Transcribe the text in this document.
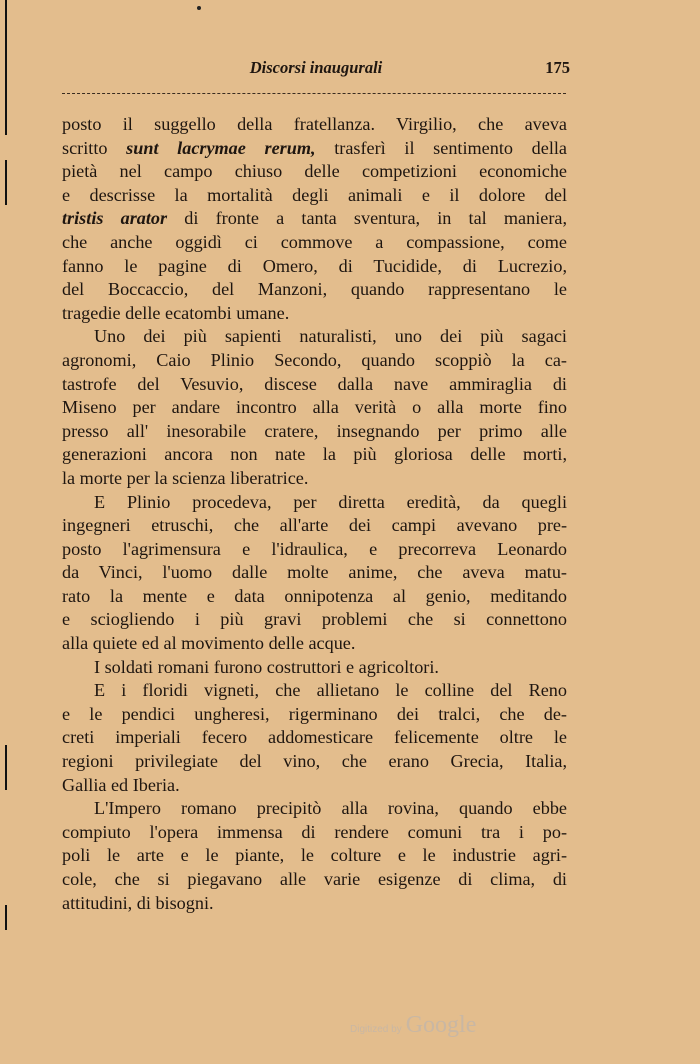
Discorsi inaugurali	175
posto il suggello della fratellanza. Virgilio, che aveva
scritto sunt lacrymae rerum, trasferì il sentimento della
pietà nel campo chiuso delle competizioni economiche
e descrisse la mortalità degli animali e il dolore del
tristis arator di fronte a tanta sventura, in tal maniera,
che anche oggidì ci commove a compassione, come
fanno le pagine di Omero, di Tucidide, di Lucrezio,
del Boccaccio, del Manzoni, quando rappresentano le
tragedie delle ecatombi umane.
Uno dei più sapienti naturalisti, uno dei più sagaci
agronomi, Caio Plinio Secondo, quando scoppiò la ca-
tastrofe del Vesuvio, discese dalla nave ammiraglia di
Miseno per andare incontro alla verità o alla morte fino
presso all' inesorabile cratere, insegnando per primo alle
generazioni ancora non nate la più gloriosa delle morti,
la morte per la scienza liberatrice.
E Plinio procedeva, per diretta eredità, da quegli
ingegneri etruschi, che all'arte dei campi avevano pre-
posto l'agrimensura e l'idraulica, e precorreva Leonardo
da Vinci, l'uomo dalle molte anime, che aveva matu-
rato la mente e data onnipotenza al genio, meditando
e sciogliendo i più gravi problemi che si connettono
alla quiete ed al movimento delle acque.
I soldati romani furono costruttori e agricoltori.
E i floridi vigneti, che allietano le colline del Reno
e le pendici ungheresi, rigerminano dei tralci, che de-
creti imperiali fecero addomesticare felicemente oltre le
regioni privilegiate del vino, che erano Grecia, Italia,
Gallia ed Iberia.
L'Impero romano precipitò alla rovina, quando ebbe
compiuto l'opera immensa di rendere comuni tra i po-
poli le arte e le piante, le colture e le industrie agri-
cole, che si piegavano alle varie esigenze di clima, di
attitudini, di bisogni.
Digitized by Google
